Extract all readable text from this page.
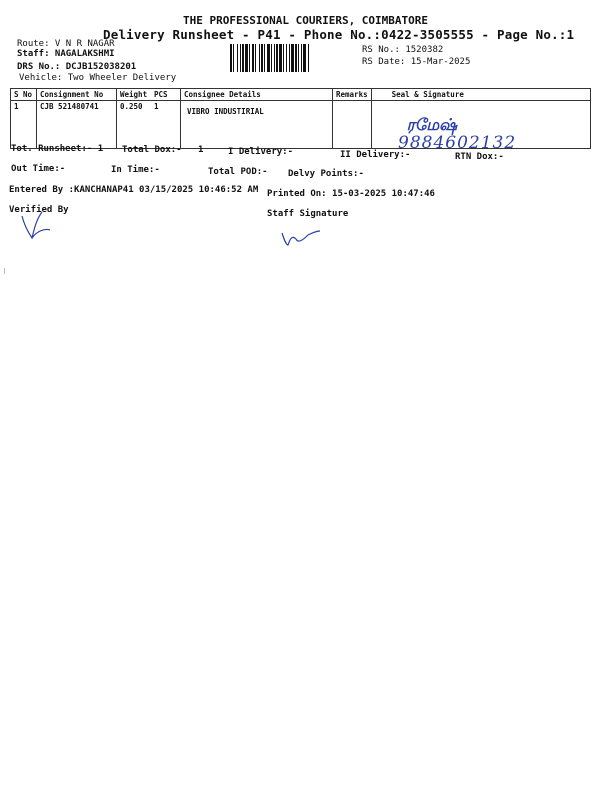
THE PROFESSIONAL COURIERS, COIMBATORE
Delivery Runsheet - P41 - Phone No.:0422-3505555 - Page No.:1
Route: V N R NAGAR
Staff: NAGALAKSHMI
DRS No.: DCJB152038201
Vehicle: Two Wheeler Delivery
RS No.: 1520382
RS Date: 15-Mar-2025
S No	Consignment No	Weight	PCS	Consignee Details	Remarks	Seal & Signature
1	CJB 521480741	0.250	1	VIBRO INDUSTIRIAL		ரமேஷ்
9884602132
Tot. Runsheet:- 1 Total Dox:- 1	I Delivery:-	II Delivery:-	RTN Dox:-
Out Time:-	In Time:-	Total POD:- Delvy Points:-
Entered By :KANCHANAP41 03/15/2025 10:46:52 AM Printed On: 15-03-2025 10:47:46
Verified By	Staff Signature
